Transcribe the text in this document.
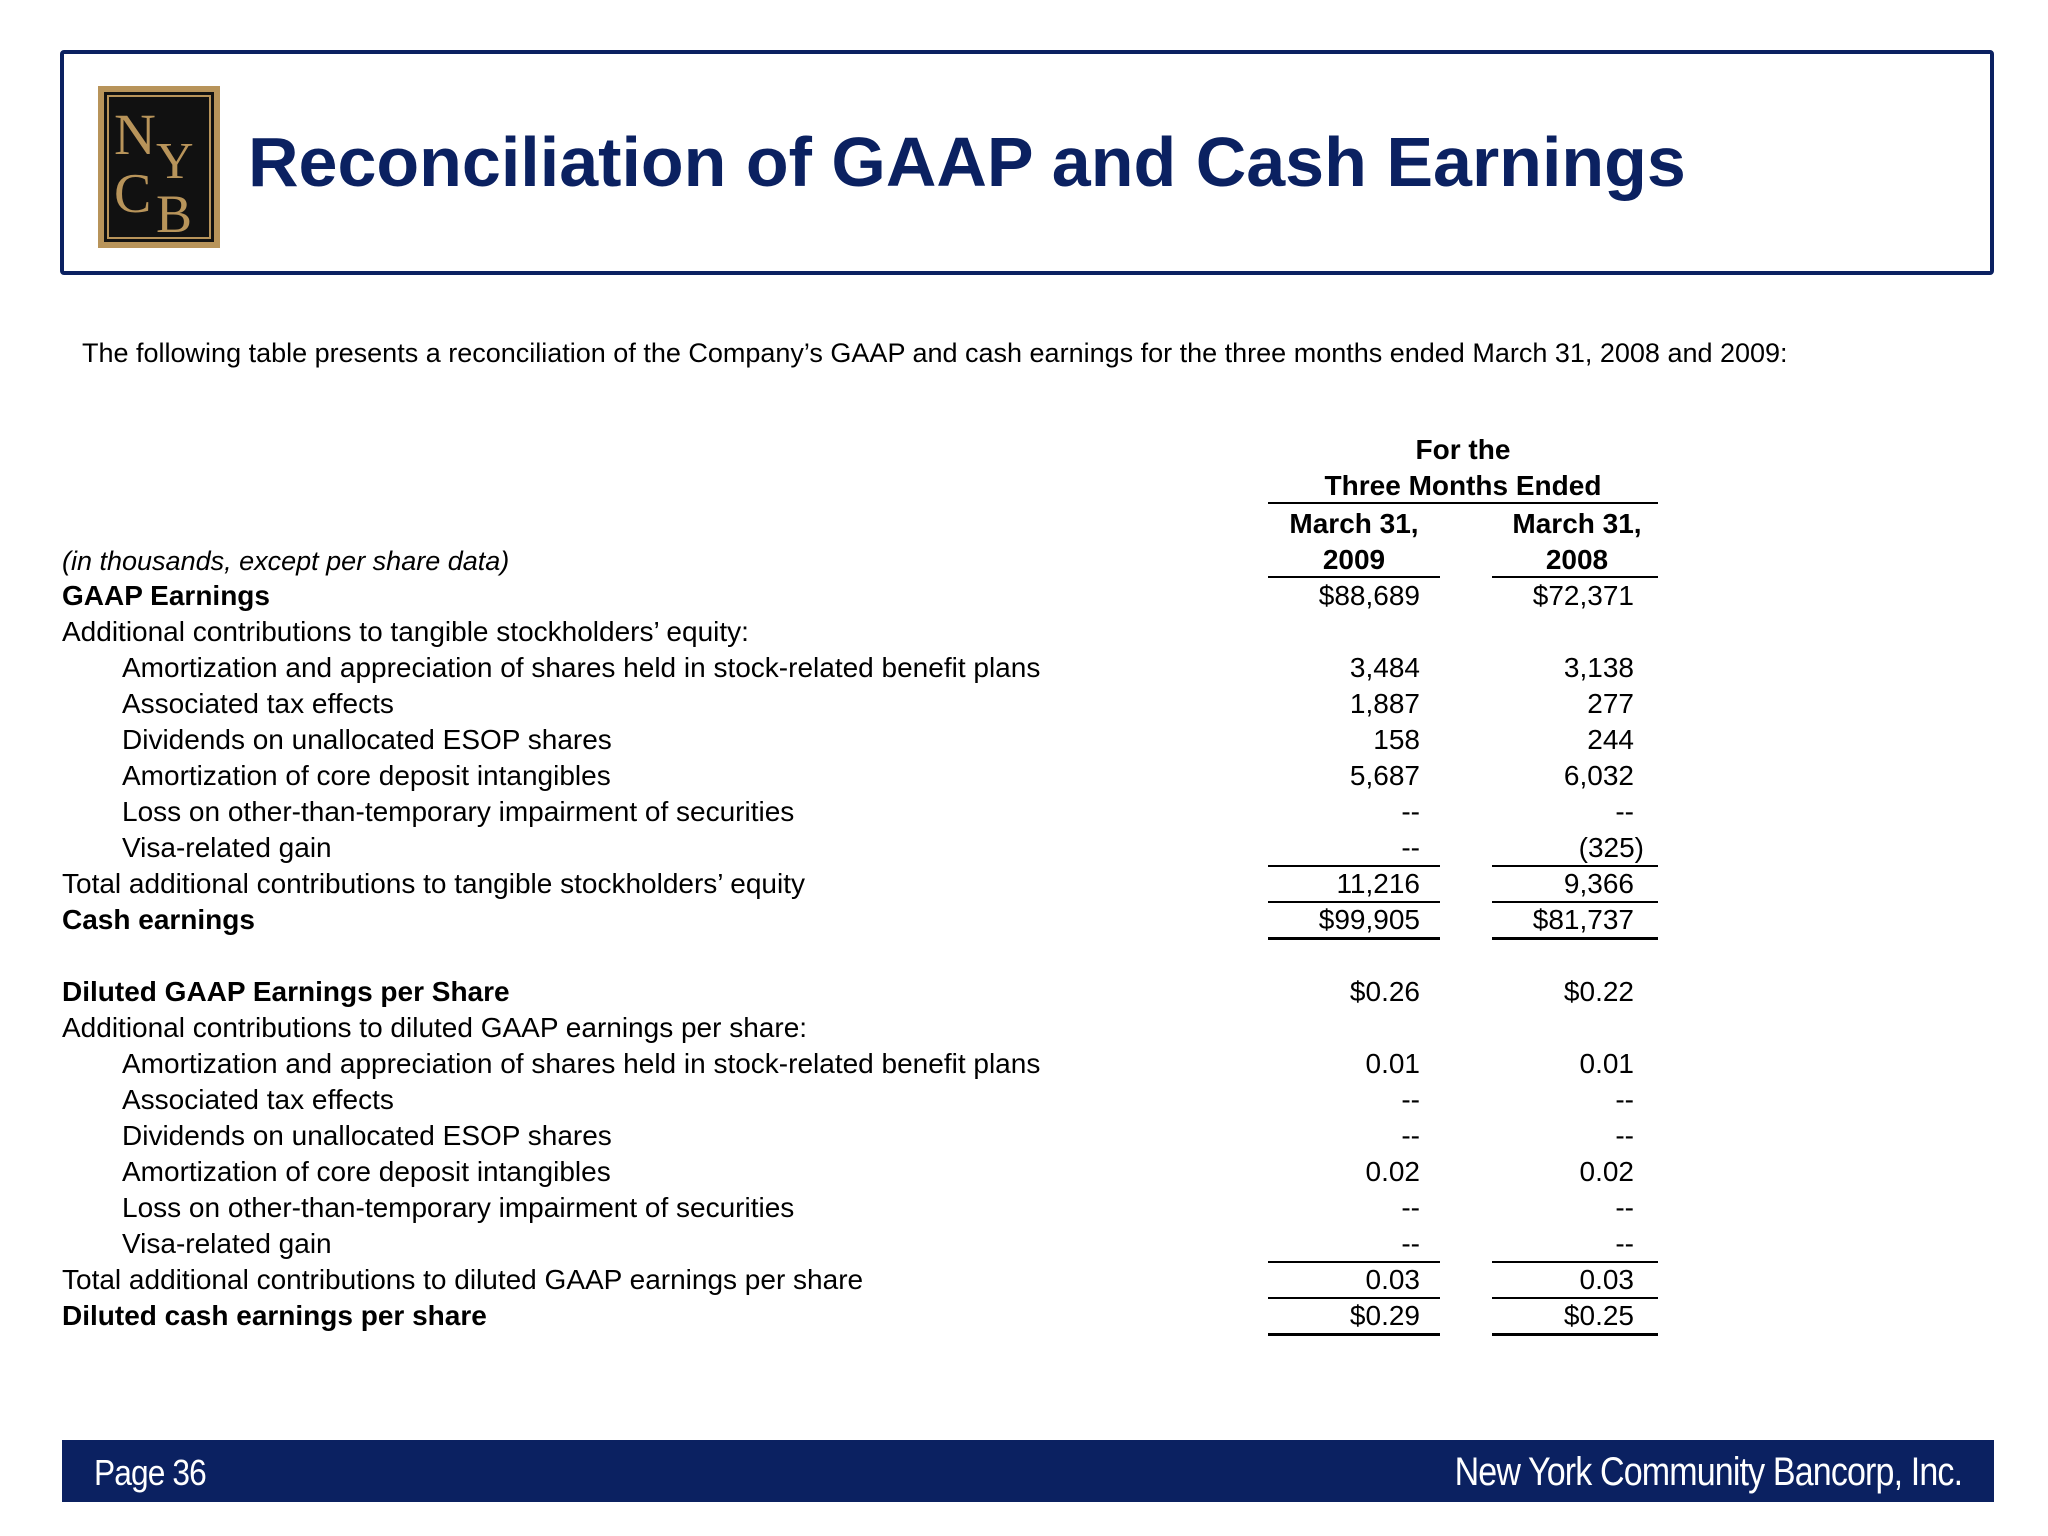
N Y
C B
Reconciliation of GAAP and Cash Earnings
The following table presents a reconciliation of the Company’s GAAP and cash earnings for the three months ended March 31, 2008 and 2009:
For the
Three Months Ended
March 31,
2009
March 31,
2008
(in thousands, except per share data)
GAAP Earnings	$88,689	$72,371
Additional contributions to tangible stockholders’ equity:
Amortization and appreciation of shares held in stock-related benefit plans	3,484	3,138
Associated tax effects	1,887	277
Dividends on unallocated ESOP shares	158	244
Amortization of core deposit intangibles	5,687	6,032
Loss on other-than-temporary impairment of securities	--	--
Visa-related gain	--	(325)
Total additional contributions to tangible stockholders’ equity	11,216	9,366
Cash earnings	$99,905	$81,737
Diluted GAAP Earnings per Share	$0.26	$0.22
Additional contributions to diluted GAAP earnings per share:
Amortization and appreciation of shares held in stock-related benefit plans	0.01	0.01
Associated tax effects	--	--
Dividends on unallocated ESOP shares	--	--
Amortization of core deposit intangibles	0.02	0.02
Loss on other-than-temporary impairment of securities	--	--
Visa-related gain	--	--
Total additional contributions to diluted GAAP earnings per share	0.03	0.03
Diluted cash earnings per share	$0.29	$0.25
Page 36	New York Community Bancorp, Inc.
